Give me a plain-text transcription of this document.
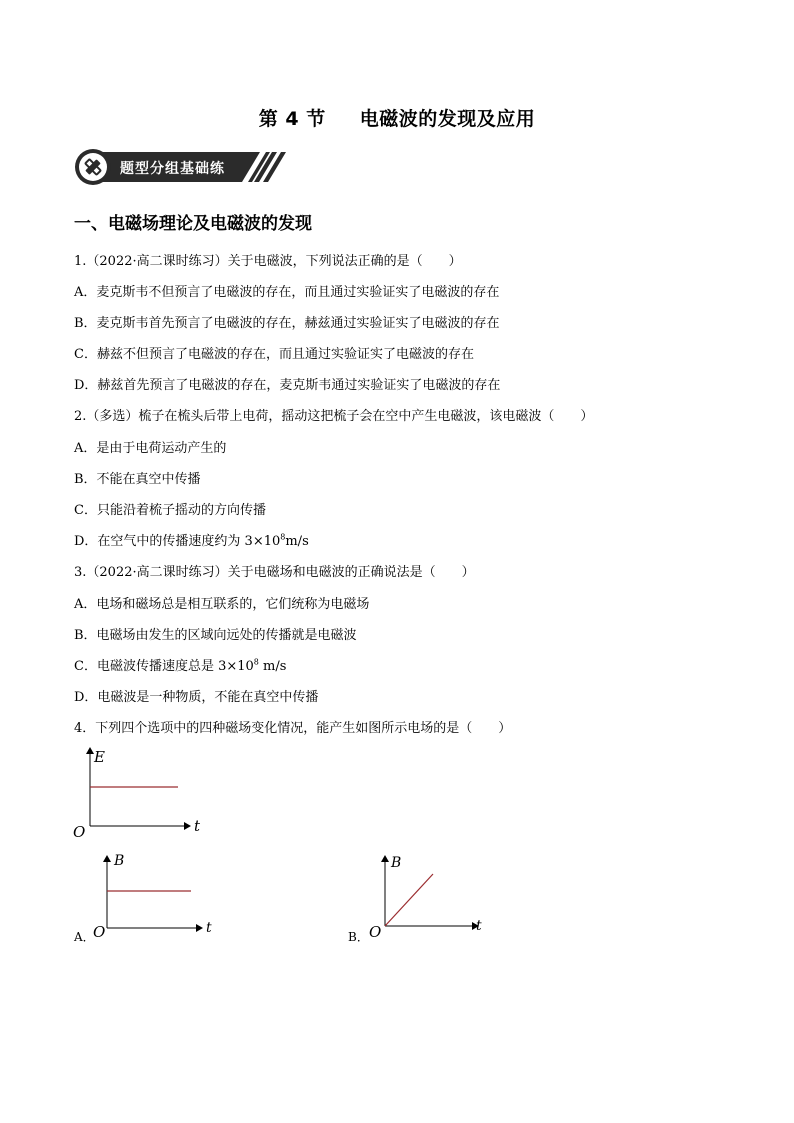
第 4 节 电磁波的发现及应用
题型分组基础练
一、电磁场理论及电磁波的发现
1.（2022·高二课时练习）关于电磁波，下列说法正确的是（　　）
A．麦克斯韦不但预言了电磁波的存在，而且通过实验证实了电磁波的存在
B．麦克斯韦首先预言了电磁波的存在，赫兹通过实验证实了电磁波的存在
C．赫兹不但预言了电磁波的存在，而且通过实验证实了电磁波的存在
D．赫兹首先预言了电磁波的存在，麦克斯韦通过实验证实了电磁波的存在
2.（多选）梳子在梳头后带上电荷，摇动这把梳子会在空中产生电磁波，该电磁波（　　）
A．是由于电荷运动产生的
B．不能在真空中传播
C．只能沿着梳子摇动的方向传播
D．在空气中的传播速度约为 $3\times 10^8m/s$
3.（2022·高二课时练习）关于电磁场和电磁波的正确说法是（　　）
A．电场和磁场总是相互联系的，它们统称为电磁场
B．电磁场由发生的区域向远处的传播就是电磁波
C．电磁波传播速度总是 $3\times 10^8$ m/s
D．电磁波是一种物质，不能在真空中传播
4．下列四个选项中的四种磁场变化情况，能产生如图所示电场的是（　　）
E
t
O
A．
B
t
O	B．
B
t
O
